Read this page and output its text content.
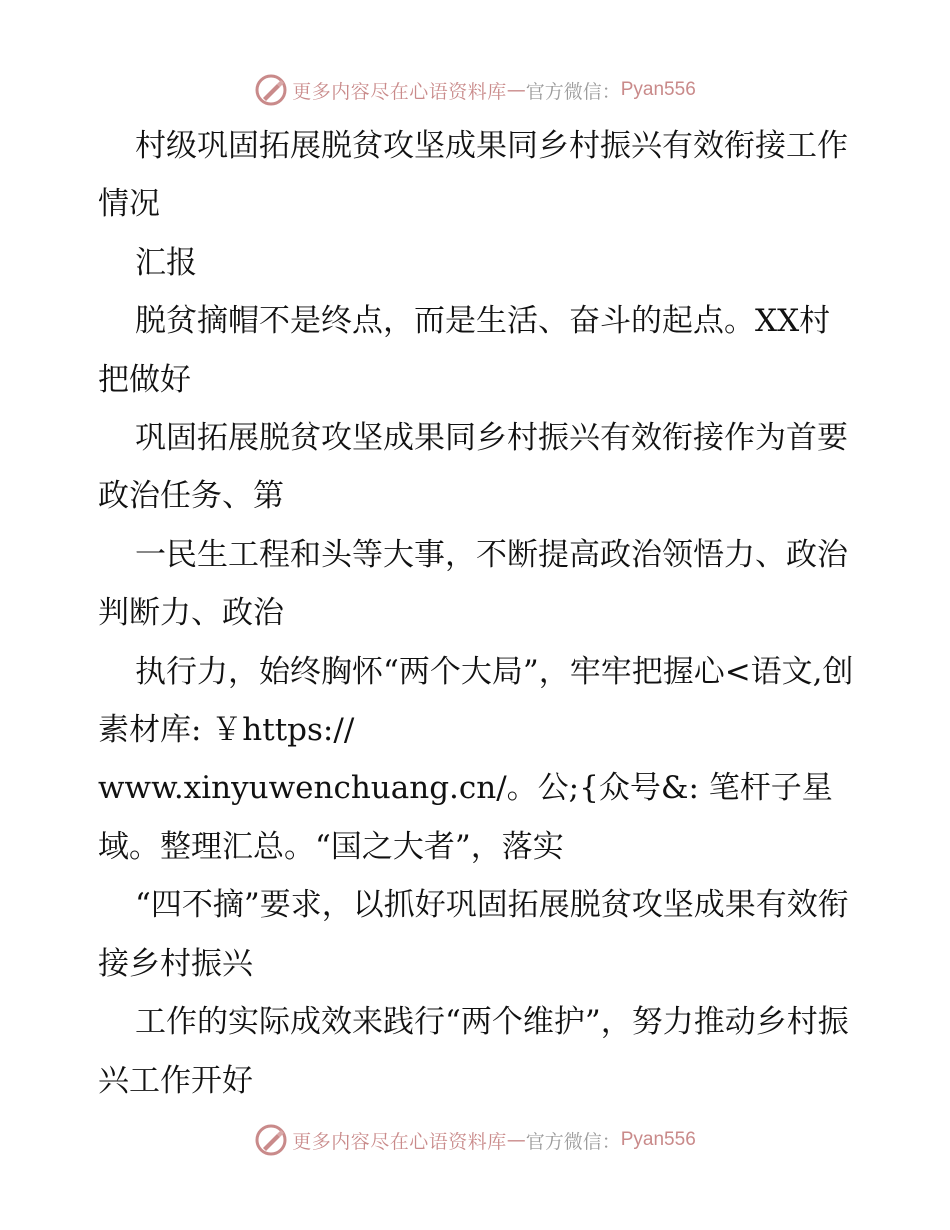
更多内容尽在心语资料库 — 官方微信： Pyan556

村级巩固拓展脱贫攻坚成果同乡村振兴有效衔接工作情况

汇报

脱贫摘帽不是终点，而是生活、奋斗的起点。XX村把做好

巩固拓展脱贫攻坚成果同乡村振兴有效衔接作为首要政治任务、第

一民生工程和头等大事，不断提高政治领悟力、政治判断力、政治

执行力，始终胸怀“两个大局”，牢牢把握心<语文,创素材库: ￥https://

www.xinyuwenchuang.cn/。公;{众号&: 笔杆子星域。整理汇总。“国之大者”，落实

“四不摘”要求，以抓好巩固拓展脱贫攻坚成果有效衔接乡村振兴

工作的实际成效来践行“两个维护”，努力推动乡村振兴工作开好

更多内容尽在心语资料库 — 官方微信： Pyan556
